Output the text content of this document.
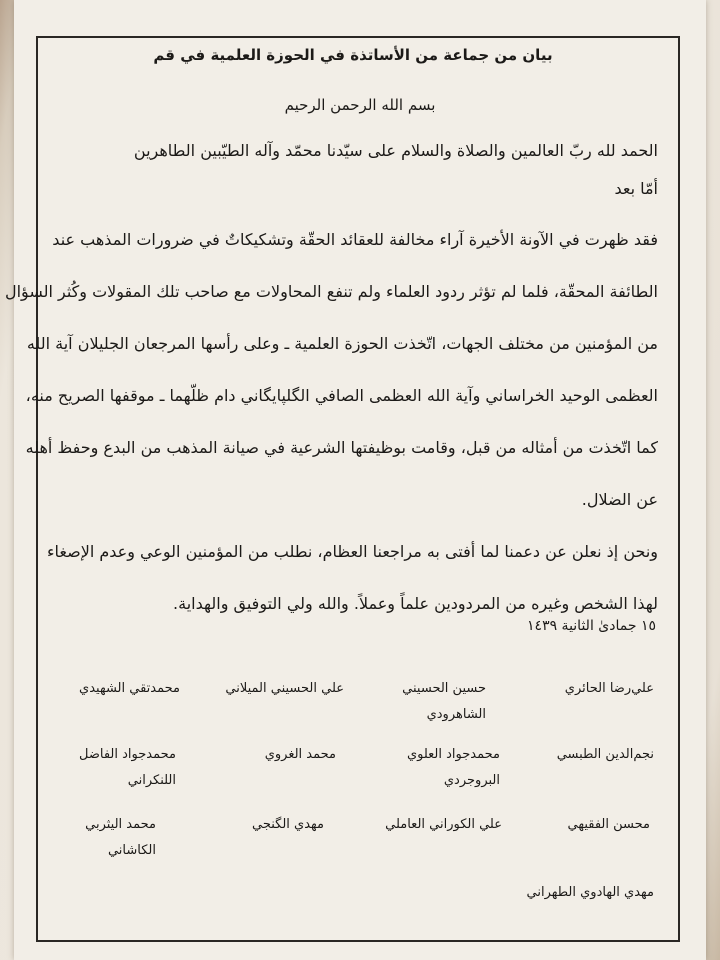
بيان من جماعة من الأساتذة في الحوزة العلمية في قم
بسم الله الرحمن الرحيم
الحمد لله ربّ العالمين والصلاة والسلام على سيّدنا محمّد وآله الطيّبين الطاهرين
أمّا بعد
فقد ظهرت في الآونة الأخيرة آراء مخالفة للعقائد الحقّة وتشكيكاتٌ في ضرورات المذهب عند
الطائفة المحقّة، فلما لم تؤثر ردود العلماء ولم تنفع المحاولات مع صاحب تلك المقولات وكُثر السؤال
من المؤمنين من مختلف الجهات، اتّخذت الحوزة العلمية ـ وعلى رأسها المرجعان الجليلان آية الله
العظمى الوحيد الخراساني وآية الله العظمى الصافي الگلپايگاني دام ظلّهما ـ موقفها الصريح منه،
كما اتّخذت من أمثاله من قبل، وقامت بوظيفتها الشرعية في صيانة المذهب من البدع وحفظ أهله
عن الضلال.
ونحن إذ نعلن عن دعمنا لما أفتى به مراجعنا العظام، نطلب من المؤمنين الوعي وعدم الإصغاء
لهذا الشخص وغيره من المردودين علماً وعملاً. والله ولي التوفيق والهداية.
١٥ جمادیٰ الثانية ١٤٣٩
علي‌رضا الحائري
حسين الحسيني
الشاهرودي
علي الحسيني الميلاني
محمدتقي الشهيدي
نجم‌الدين الطبسي
محمدجواد العلوي
البروجردي
محمد الغروي
محمدجواد الفاضل
اللنكراني
محسن الفقيهي
علي الكوراني العاملي
مهدي الگنجي
محمد اليثربي
الكاشاني
مهدي الهادوي الطهراني
